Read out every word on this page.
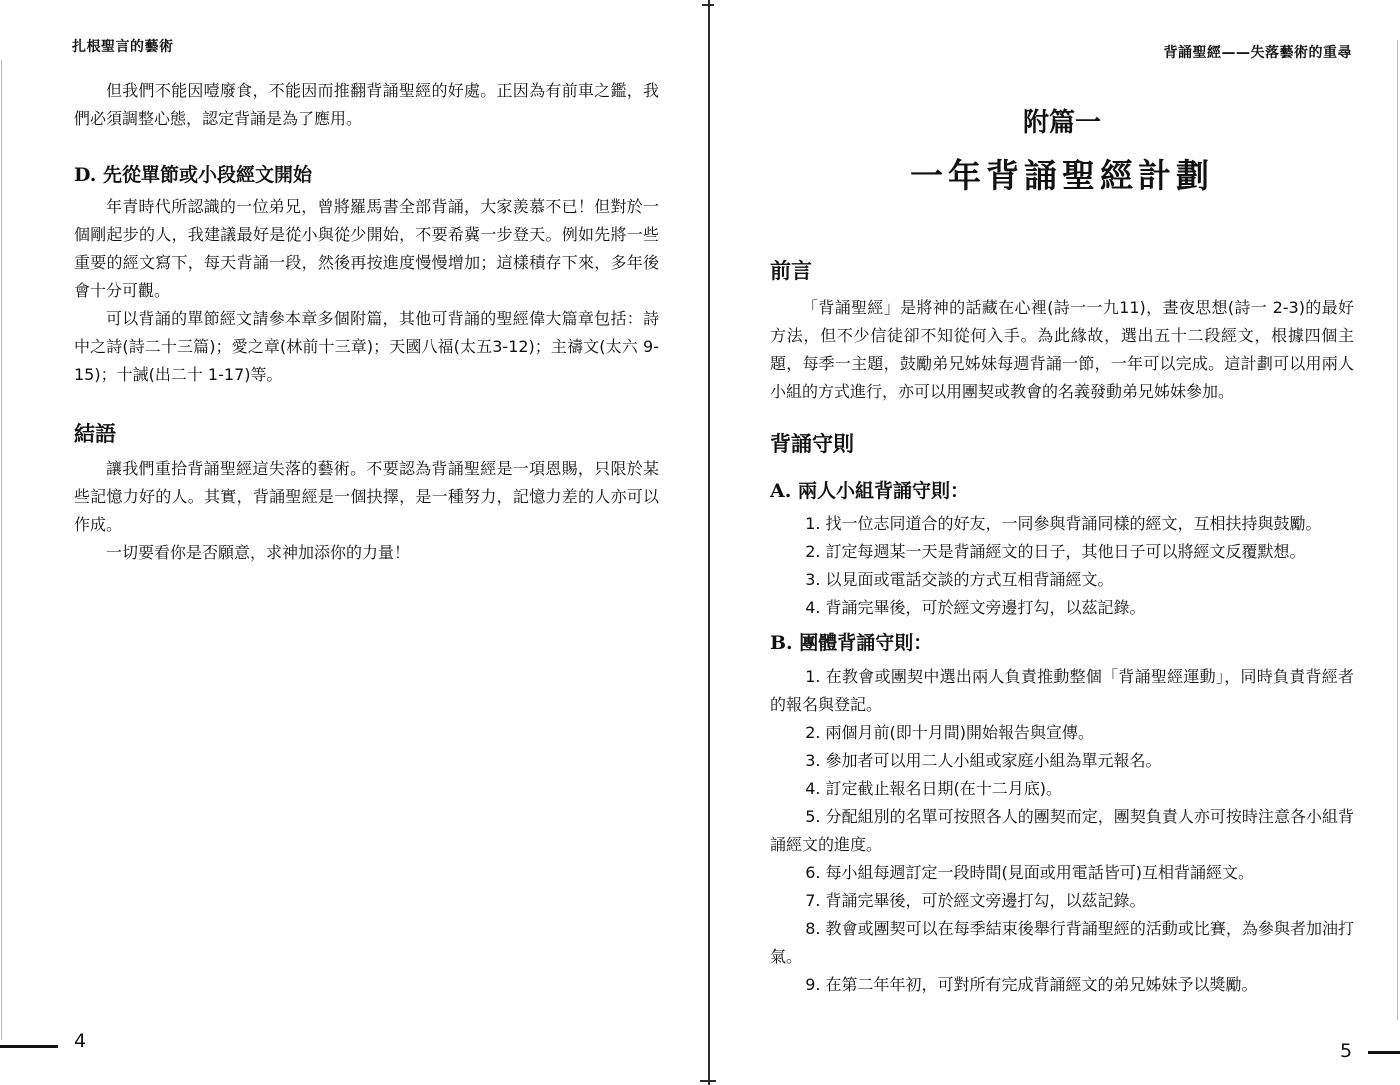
扎根聖言的藝術

但我們不能因噎廢食，不能因而推翻背誦聖經的好處。正因為有前車之鑑，我們必須調整心態，認定背誦是為了應用。

D. 先從單節或小段經文開始

年青時代所認識的一位弟兄，曾將羅馬書全部背誦，大家羨慕不已！但對於一個剛起步的人，我建議最好是從小與從少開始，不要希冀一步登天。例如先將一些重要的經文寫下，每天背誦一段，然後再按進度慢慢增加；這樣積存下來，多年後會十分可觀。

可以背誦的單節經文請參本章多個附篇，其他可背誦的聖經偉大篇章包括：詩中之詩(詩二十三篇)；愛之章(林前十三章)；天國八福(太五3-12)；主禱文(太六 9-15)；十誡(出二十 1-17)等。

結語

讓我們重拾背誦聖經這失落的藝術。不要認為背誦聖經是一項恩賜，只限於某些記憶力好的人。其實，背誦聖經是一個抉擇，是一種努力，記憶力差的人亦可以作成。

一切要看你是否願意，求神加添你的力量！

4
背誦聖經——失落藝術的重尋
附篇一
一年背誦聖經計劃
前言

「背誦聖經」是將神的話藏在心裡(詩一一九11)，晝夜思想(詩一 2-3)的最好方法，但不少信徒卻不知從何入手。為此緣故，選出五十二段經文，根據四個主題，每季一主題，鼓勵弟兄姊妹每週背誦一節，一年可以完成。這計劃可以用兩人小組的方式進行，亦可以用團契或教會的名義發動弟兄姊妹參加。

背誦守則
A. 兩人小組背誦守則：
1. 找一位志同道合的好友，一同參與背誦同樣的經文，互相扶持與鼓勵。
2. 訂定每週某一天是背誦經文的日子，其他日子可以將經文反覆默想。
3. 以見面或電話交談的方式互相背誦經文。
4. 背誦完畢後，可於經文旁邊打勾，以茲記錄。
B. 團體背誦守則：
1. 在教會或團契中選出兩人負責推動整個「背誦聖經運動」，同時負責背經者的報名與登記。
2. 兩個月前(即十月間)開始報告與宣傳。
3. 參加者可以用二人小組或家庭小組為單元報名。
4. 訂定截止報名日期(在十二月底)。
5. 分配組別的名單可按照各人的團契而定，團契負責人亦可按時注意各小組背誦經文的進度。
6. 每小組每週訂定一段時間(見面或用電話皆可)互相背誦經文。
7. 背誦完畢後，可於經文旁邊打勾，以茲記錄。
8. 教會或團契可以在每季結束後舉行背誦聖經的活動或比賽，為參與者加油打氣。
9. 在第二年年初，可對所有完成背誦經文的弟兄姊妹予以獎勵。
5
